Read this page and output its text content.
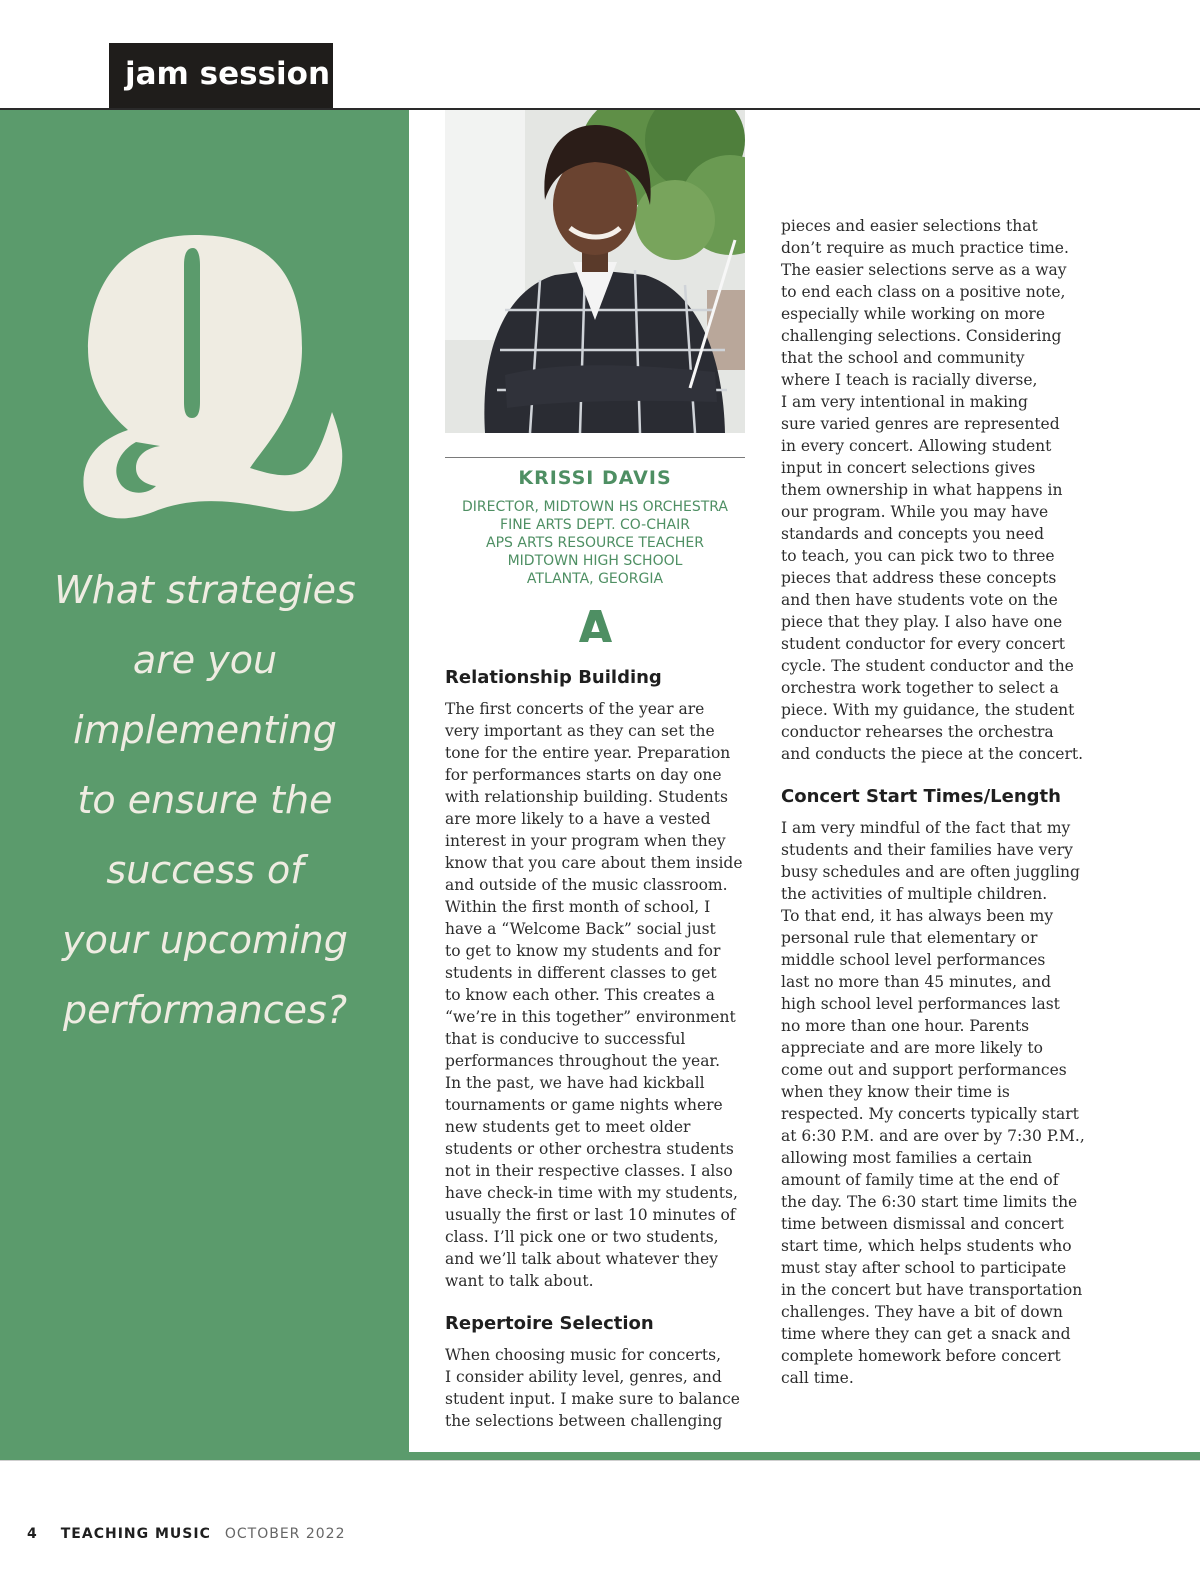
jam session
What strategies
are you
implementing
to ensure the
success of
your upcoming
performances?
KRISSI DAVIS
DIRECTOR, MIDTOWN HS ORCHESTRA
FINE ARTS DEPT. CO-CHAIR
APS ARTS RESOURCE TEACHER
MIDTOWN HIGH SCHOOL
ATLANTA, GEORGIA
Relationship Building

The first concerts of the year are

very important as they can set the

tone for the entire year. Preparation

for performances starts on day one

with relationship building. Students

are more likely to a have a vested

interest in your program when they

know that you care about them inside

and outside of the music classroom.

Within the first month of school, I

have a “Welcome Back” social just

to get to know my students and for

students in different classes to get

to know each other. This creates a

“we’re in this together” environment

that is conducive to successful

performances throughout the year.

In the past, we have had kickball

tournaments or game nights where

new students get to meet older

students or other orchestra students

not in their respective classes. I also

have check-in time with my students,

usually the first or last 10 minutes of

class. I’ll pick one or two students,

and we’ll talk about whatever they

want to talk about.

Repertoire Selection

When choosing music for concerts,

I consider ability level, genres, and

student input. I make sure to balance

the selections between challenging

pieces and easier selections that

don’t require as much practice time.

The easier selections serve as a way

to end each class on a positive note,

especially while working on more

challenging selections. Considering

that the school and community

where I teach is racially diverse,

I am very intentional in making

sure varied genres are represented

in every concert. Allowing student

input in concert selections gives

them ownership in what happens in

our program. While you may have

standards and concepts you need

to teach, you can pick two to three

pieces that address these concepts

and then have students vote on the

piece that they play. I also have one

student conductor for every concert

cycle. The student conductor and the

orchestra work together to select a

piece. With my guidance, the student

conductor rehearses the orchestra

and conducts the piece at the concert.

Concert Start Times/Length

I am very mindful of the fact that my

students and their families have very

busy schedules and are often juggling

the activities of multiple children.

To that end, it has always been my

personal rule that elementary or

middle school level performances

last no more than 45 minutes, and

high school level performances last

no more than one hour. Parents

appreciate and are more likely to

come out and support performances

when they know their time is

respected. My concerts typically start

at 6:30 P.M. and are over by 7:30 P.M.,

allowing most families a certain

amount of family time at the end of

the day. The 6:30 start time limits the

time between dismissal and concert

start time, which helps students who

must stay after school to participate

in the concert but have transportation

challenges. They have a bit of down

time where they can get a snack and

complete homework before concert

call time.

4 TEACHING MUSIC OCTOBER 2022
